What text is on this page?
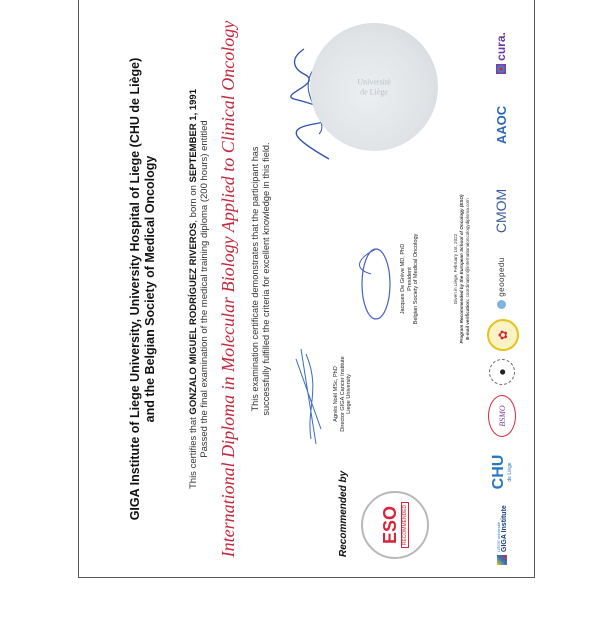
GIGA Institute of Liege University, University Hospital of Liege (CHU de Liège) and the Belgian Society of Medical Oncology
This certifies that GONZALO MIGUEL RODRÍGUEZ RIVEROS, born on SEPTEMBER 1, 1991 Passed the final examination of the medical training diploma (200 hours) entitled International Diploma in Molecular Biology Applied to Clinical Oncology This examination certificate demonstrates that the participant has successfully fulfilled the criteria for excellent knowledge in this field.	Jacques De Grève MD, PhD President Belgian Society of Medical Oncology
Agnès Noël MSc, PhD Director GIGA Cancer Institute Liege University
Recommended by ESO RECOMMENDED
Université
de Liège
Given in Liège, February 1st, 2022 Program Recommended by the European School of Oncology (ESO) E-mail verification: coordination@internationaloncologydiploma.com
LIÈGE université GIGA Institute
CHU de Liège
BSMO
●
✿
geoopedu
CMOM
AAOC
cura.
